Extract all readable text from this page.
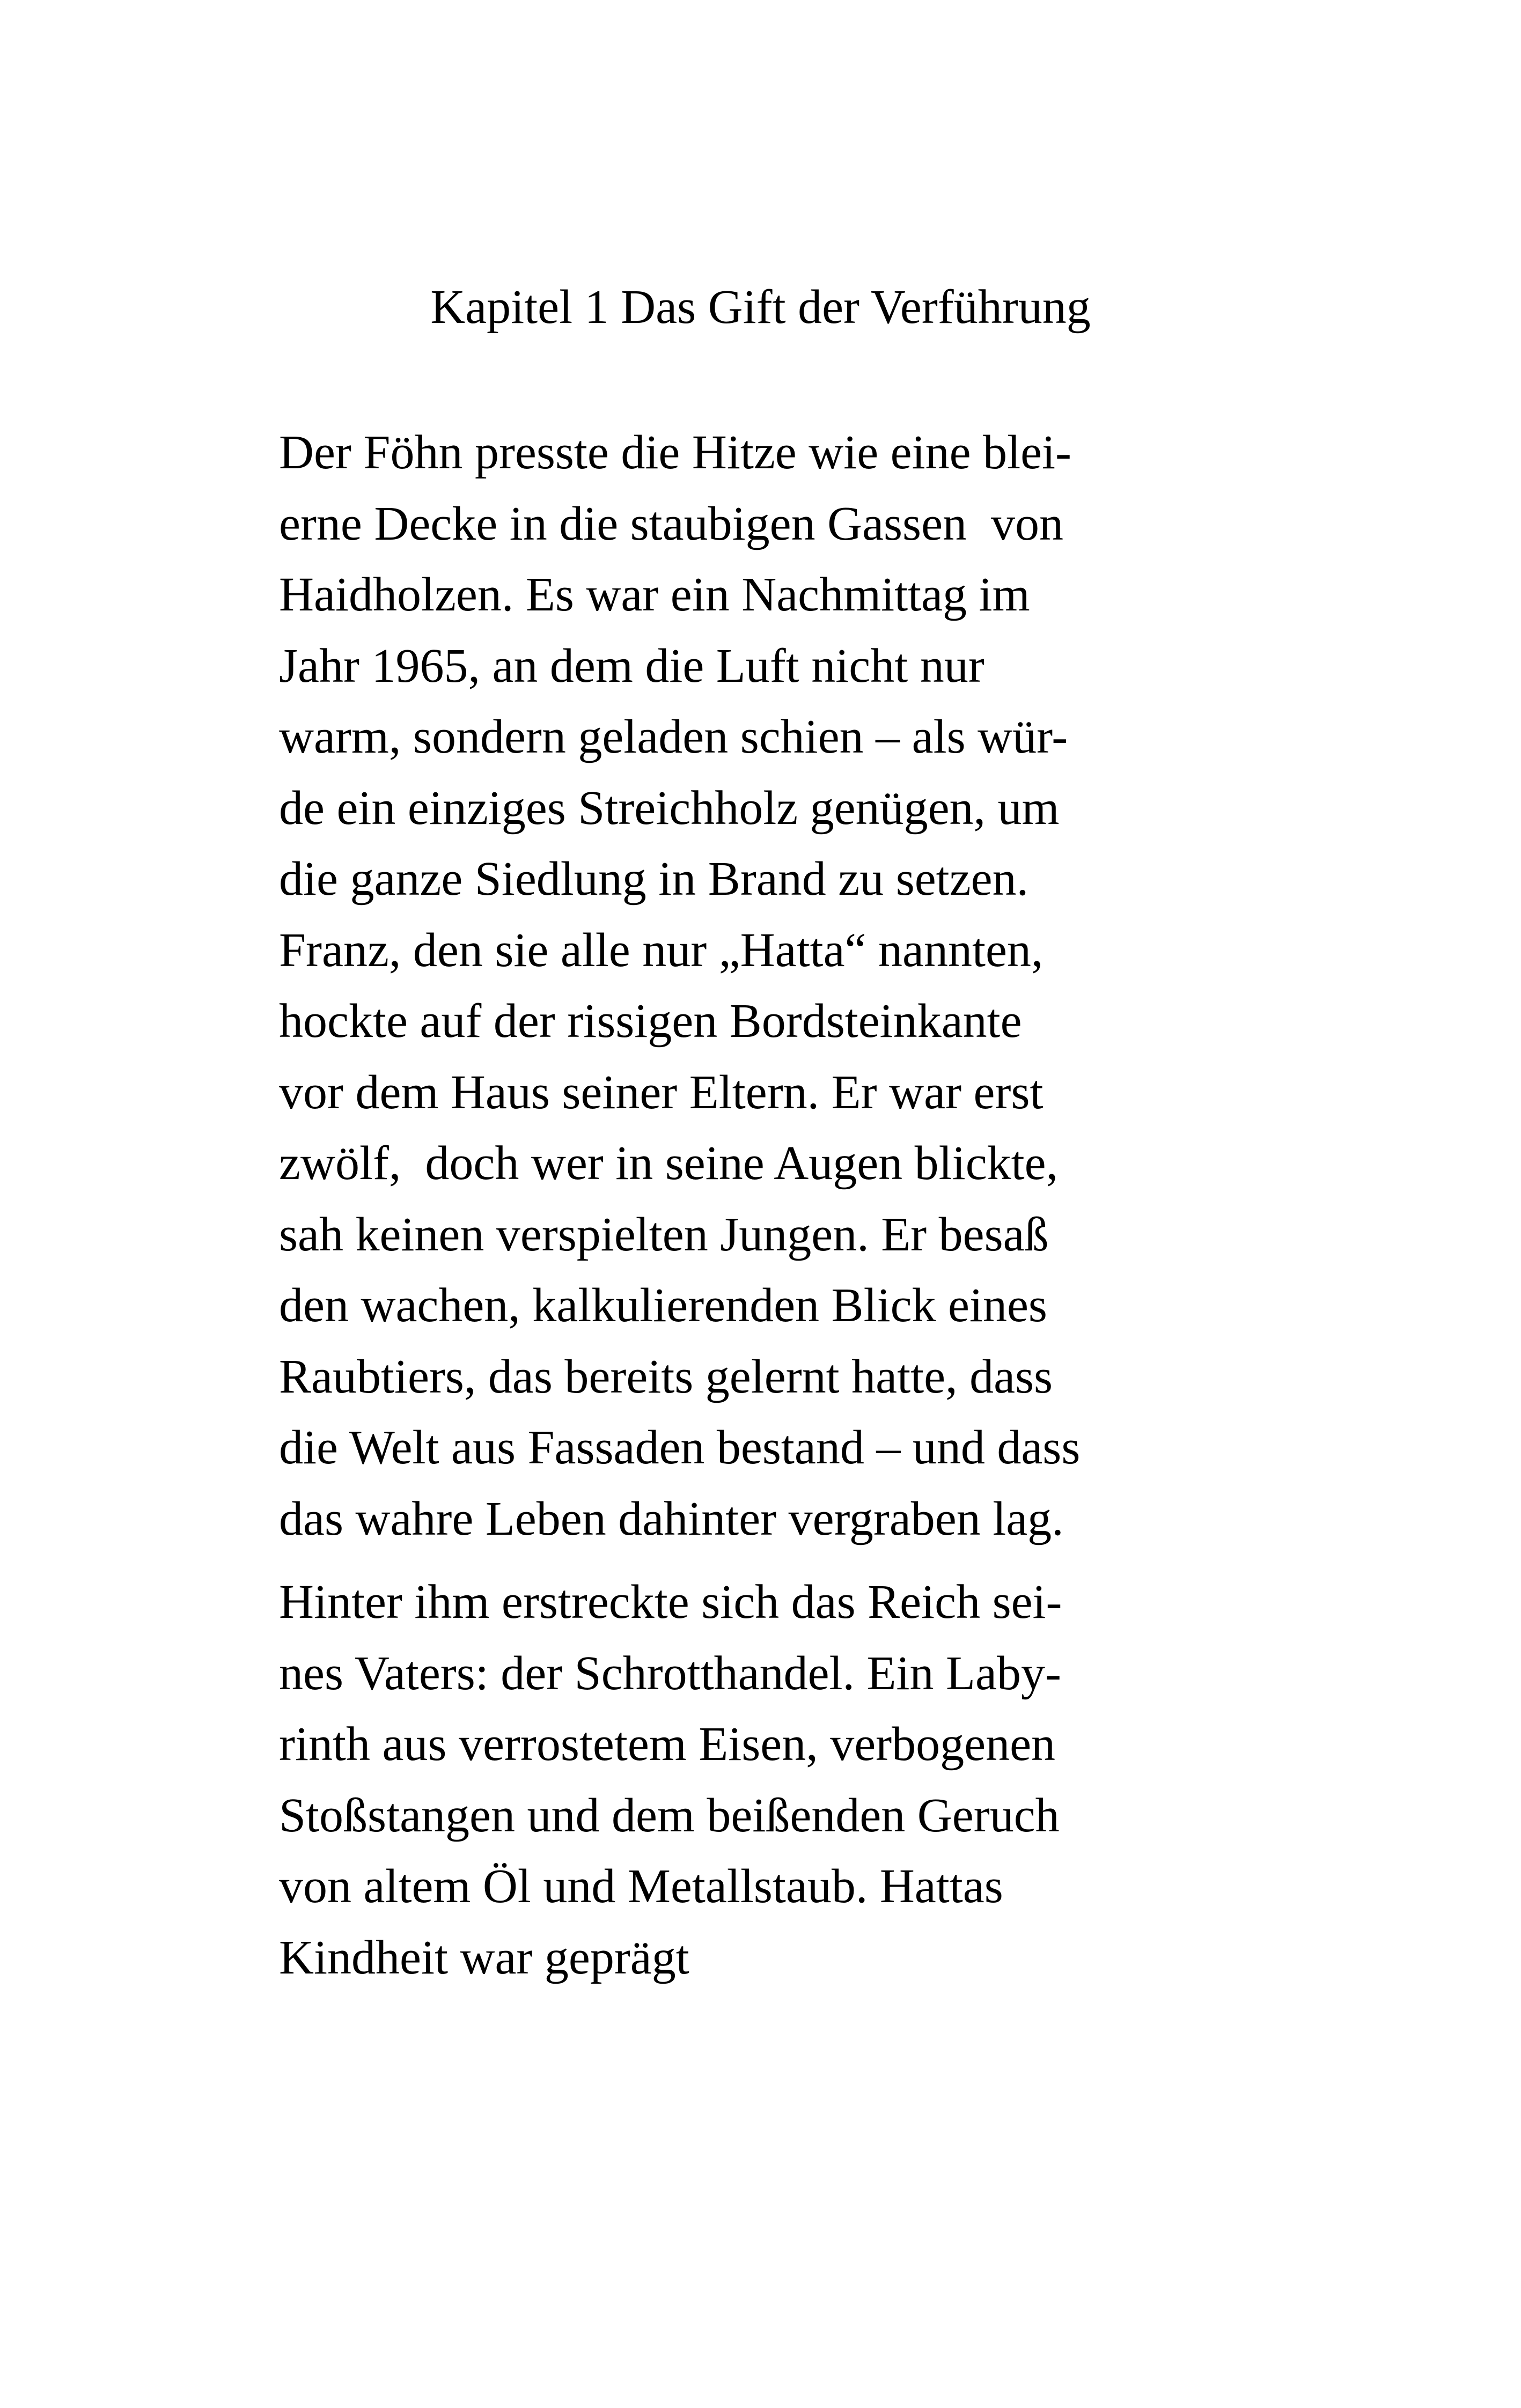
Kapitel 1 Das Gift der Verführung
Der Föhn presste die Hitze wie eine blei-
erne Decke in die staubigen Gassen  von
Haidholzen. Es war ein Nachmittag im
Jahr 1965, an dem die Luft nicht nur
warm, sondern geladen schien – als wür-
de ein einziges Streichholz genügen, um
die ganze Siedlung in Brand zu setzen.
Franz, den sie alle nur „Hatta“ nannten,
hockte auf der rissigen Bordsteinkante
vor dem Haus seiner Eltern. Er war erst
zwölf,  doch wer in seine Augen blickte,
sah keinen verspielten Jungen. Er besaß
den wachen, kalkulierenden Blick eines
Raubtiers, das bereits gelernt hatte, dass
die Welt aus Fassaden bestand – und dass
das wahre Leben dahinter vergraben lag.
Hinter ihm erstreckte sich das Reich sei-
nes Vaters: der Schrotthandel. Ein Laby-
rinth aus verrostetem Eisen, verbogenen
Stoßstangen und dem beißenden Geruch
von altem Öl und Metallstaub. Hattas
Kindheit war geprägt
